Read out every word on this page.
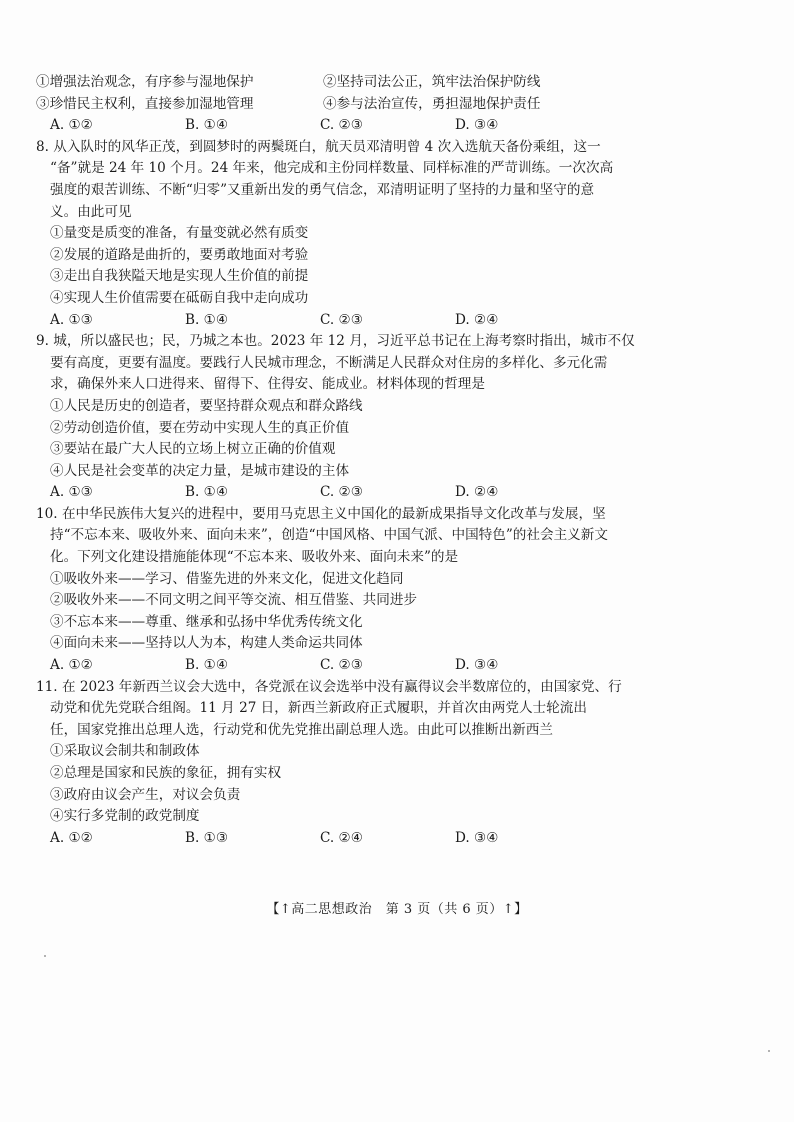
①增强法治观念，有序参与湿地保护	②坚持司法公正，筑牢法治保护防线
③珍惜民主权利，直接参加湿地管理	④参与法治宣传，勇担湿地保护责任
A. ①②	B. ①④	C. ②③	D. ③④
8. 从入队时的风华正茂，到圆梦时的两鬓斑白，航天员邓清明曾 4 次入选航天备份乘组，这一
“备”就是 24 年 10 个月。24 年来，他完成和主份同样数量、同样标准的严苛训练。一次次高
强度的艰苦训练、不断“归零”又重新出发的勇气信念，邓清明证明了坚持的力量和坚守的意
义。由此可见
①量变是质变的准备，有量变就必然有质变
②发展的道路是曲折的，要勇敢地面对考验
③走出自我狭隘天地是实现人生价值的前提
④实现人生价值需要在砥砺自我中走向成功
A. ①③	B. ①④	C. ②③	D. ②④
9. 城，所以盛民也；民，乃城之本也。2023 年 12 月，习近平总书记在上海考察时指出，城市不仅
要有高度，更要有温度。要践行人民城市理念，不断满足人民群众对住房的多样化、多元化需
求，确保外来人口进得来、留得下、住得安、能成业。材料体现的哲理是
①人民是历史的创造者，要坚持群众观点和群众路线
②劳动创造价值，要在劳动中实现人生的真正价值
③要站在最广大人民的立场上树立正确的价值观
④人民是社会变革的决定力量，是城市建设的主体
A. ①③	B. ①④	C. ②③	D. ②④
10. 在中华民族伟大复兴的进程中，要用马克思主义中国化的最新成果指导文化改革与发展，坚
持“不忘本来、吸收外来、面向未来”，创造“中国风格、中国气派、中国特色”的社会主义新文
化。下列文化建设措施能体现“不忘本来、吸收外来、面向未来”的是
①吸收外来——学习、借鉴先进的外来文化，促进文化趋同
②吸收外来——不同文明之间平等交流、相互借鉴、共同进步
③不忘本来——尊重、继承和弘扬中华优秀传统文化
④面向未来——坚持以人为本，构建人类命运共同体
A. ①②	B. ①④	C. ②③	D. ③④
11. 在 2023 年新西兰议会大选中，各党派在议会选举中没有赢得议会半数席位的，由国家党、行
动党和优先党联合组阁。11 月 27 日，新西兰新政府正式履职，并首次由两党人士轮流出
任，国家党推出总理人选，行动党和优先党推出副总理人选。由此可以推断出新西兰
①采取议会制共和制政体
②总理是国家和民族的象征，拥有实权
③政府由议会产生，对议会负责
④实行多党制的政党制度
A. ①②	B. ①③	C. ②④	D. ③④
【↑高二思想政治　第 3 页（共 6 页）↑】
